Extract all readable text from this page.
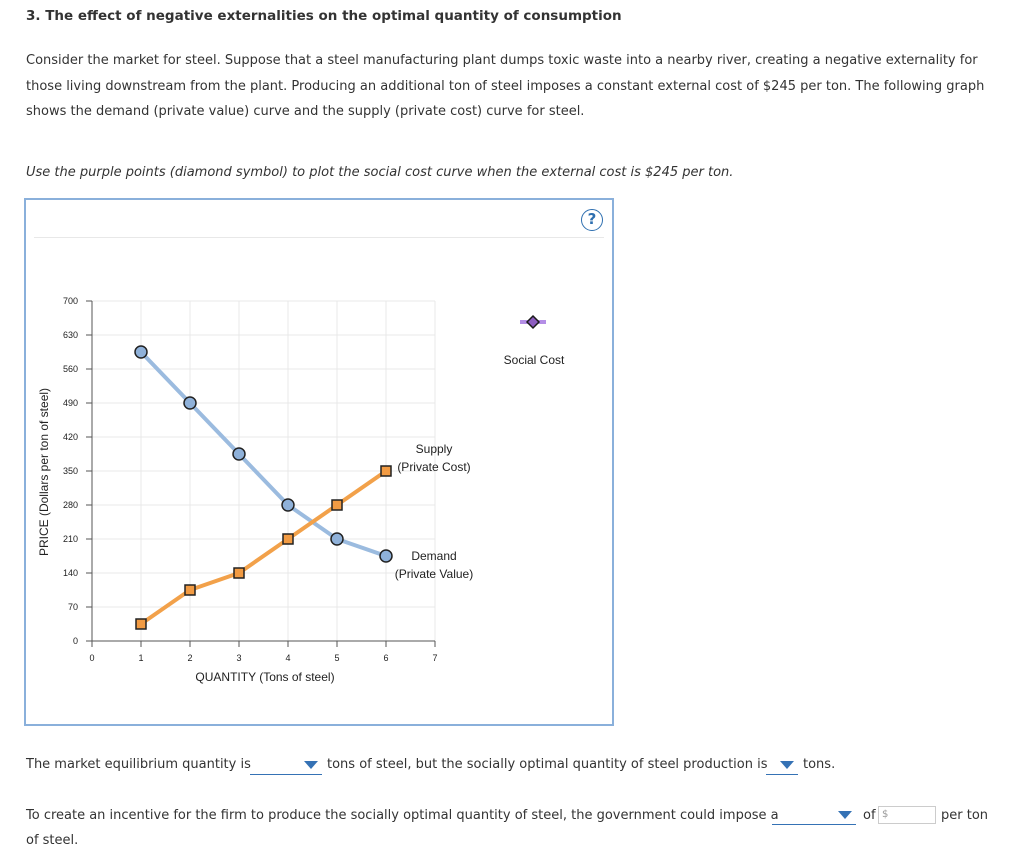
3. The effect of negative externalities on the optimal quantity of consumption
Consider the market for steel. Suppose that a steel manufacturing plant dumps toxic waste into a nearby river, creating a negative externality for those living downstream from the plant. Producing an additional ton of steel imposes a constant external cost of $245 per ton. The following graph shows the demand (private value) curve and the supply (private cost) curve for steel.
Use the purple points (diamond symbol) to plot the social cost curve when the external cost is $245 per ton.
?
0
70
140
210
280
350
420
490
560
630
700
0	1	2	3	4	5	6	7
Demand
(Private Value)
Supply
(Private Cost)
QUANTITY (Tons of steel)
PRICE (Dollars per ton of steel)
Social Cost
The market equilibrium quantity is	tons of steel, but the socially optimal quantity of steel production is	tons.
To create an incentive for the firm to produce the socially optimal quantity of steel, the government could impose a	of $	per ton
of steel.
